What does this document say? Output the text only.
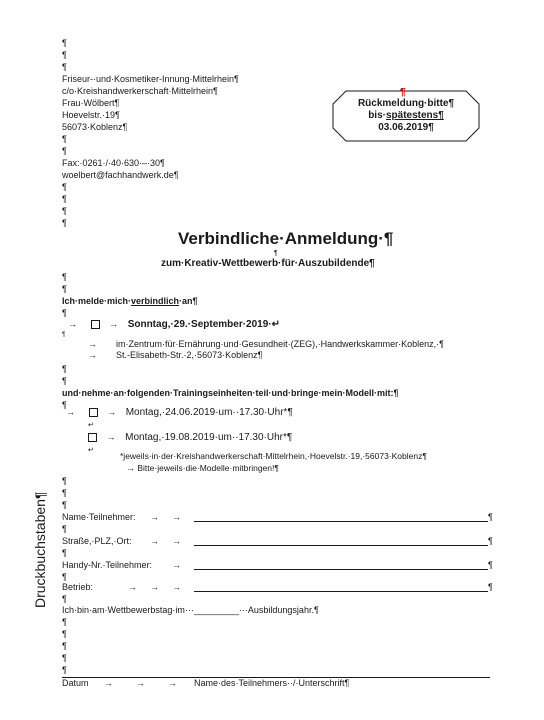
¶
¶
¶
Friseur-·und·Kosmetiker-Innung·Mittelrhein¶
c/o·Kreishandwerkerschaft·Mittelrhein¶
Frau·Wölbert¶
Hoevelstr.·19¶
56073·Koblenz¶
¶
¶
Fax:·0261·/·40·630·–·30¶
woelbert@fachhandwerk.de¶
¶
¶
¶
¶
¶
Rückmeldung·bitte¶
bis·spätestens¶
03.06.2019¶
Verbindliche·Anmeldung·¶
¶
zum·Kreativ-Wettbewerb·für·Auszubildende¶
¶
¶
Ich·melde·mich·verbindlich·an¶
¶
→	→ Sonntag,·29.·September·2019·↵
¶
→ im·Zentrum·für·Ernährung·und·Gesundheit·(ZEG),·Handwerkskammer·Koblenz,·¶
→ St.-Elisabeth-Str.·2,·56073·Koblenz¶
¶
¶
und·nehme·an·folgenden·Trainingseinheiten·teil·und·bringe·mein·Modell·mit:¶
¶
→	→ Montag,·24.06.2019·um··17.30·Uhr*¶
↵
→ Montag,·19.08.2019·um··17.30·Uhr*¶
↵
*jeweils·in·der·Kreishandwerkerschaft·Mittelrhein,·Hoevelstr.·19,·56073·Koblenz¶
→ Bitte·jeweils·die·Modelle·mitbringen!¶
Druckbuchstaben¶
¶
¶
¶
Name·Teilnehmer: → →	¶
¶
Straße,·PLZ,·Ort: → →	¶
¶
Handy-Nr.·Teilnehmer: →	¶
¶
Betrieb:	→ → →	¶
¶
Ich·bin·am·Wettbewerbstag·im···_________···Ausbildungsjahr.¶
¶
¶
¶
¶
¶
Datum →	→	→ Name·des·Teilnehmers··/·Unterschrift¶
